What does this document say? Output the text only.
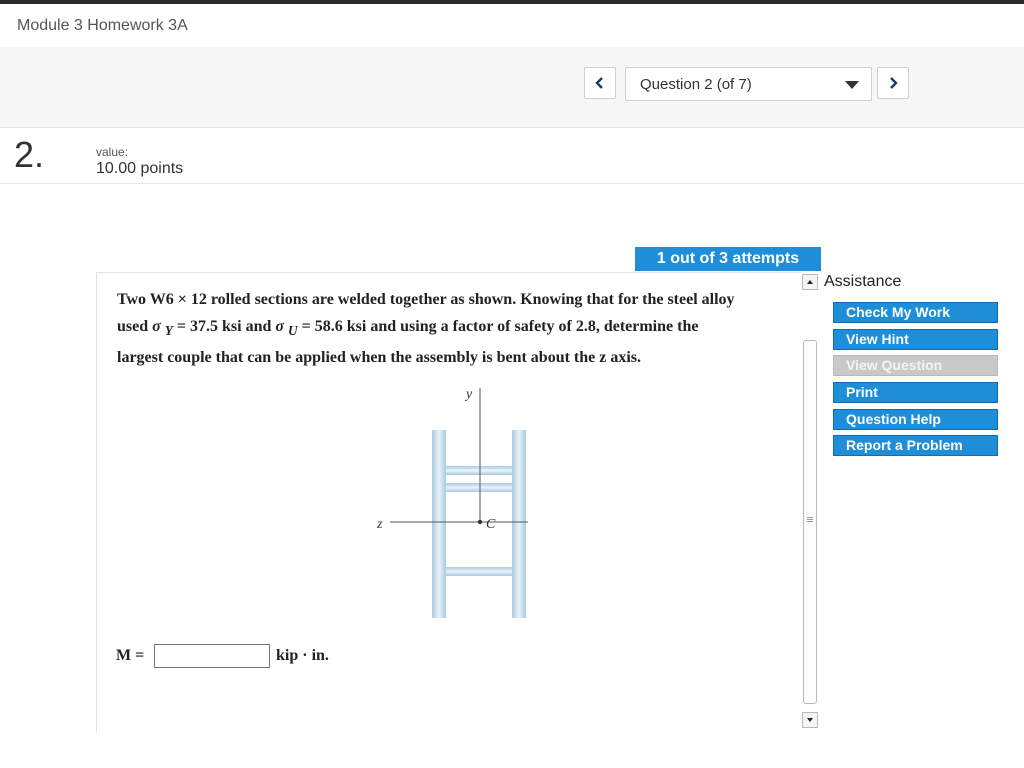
Module 3 Homework 3A
Question 2 (of 7)
2.	value:
10.00 points
1 out of 3 attempts
Two W6 × 12 rolled sections are welded together as shown. Knowing that for the steel alloy
used σ $_Y$ = 37.5 ksi and σ $_U$ = 58.6 ksi and using a factor of safety of 2.8, determine the
largest couple that can be applied when the assembly is bent about the z axis.
y
z	C
M =	kip · in.
Assistance
Check My Work
View Hint
View Question
Print
Question Help
Report a Problem
